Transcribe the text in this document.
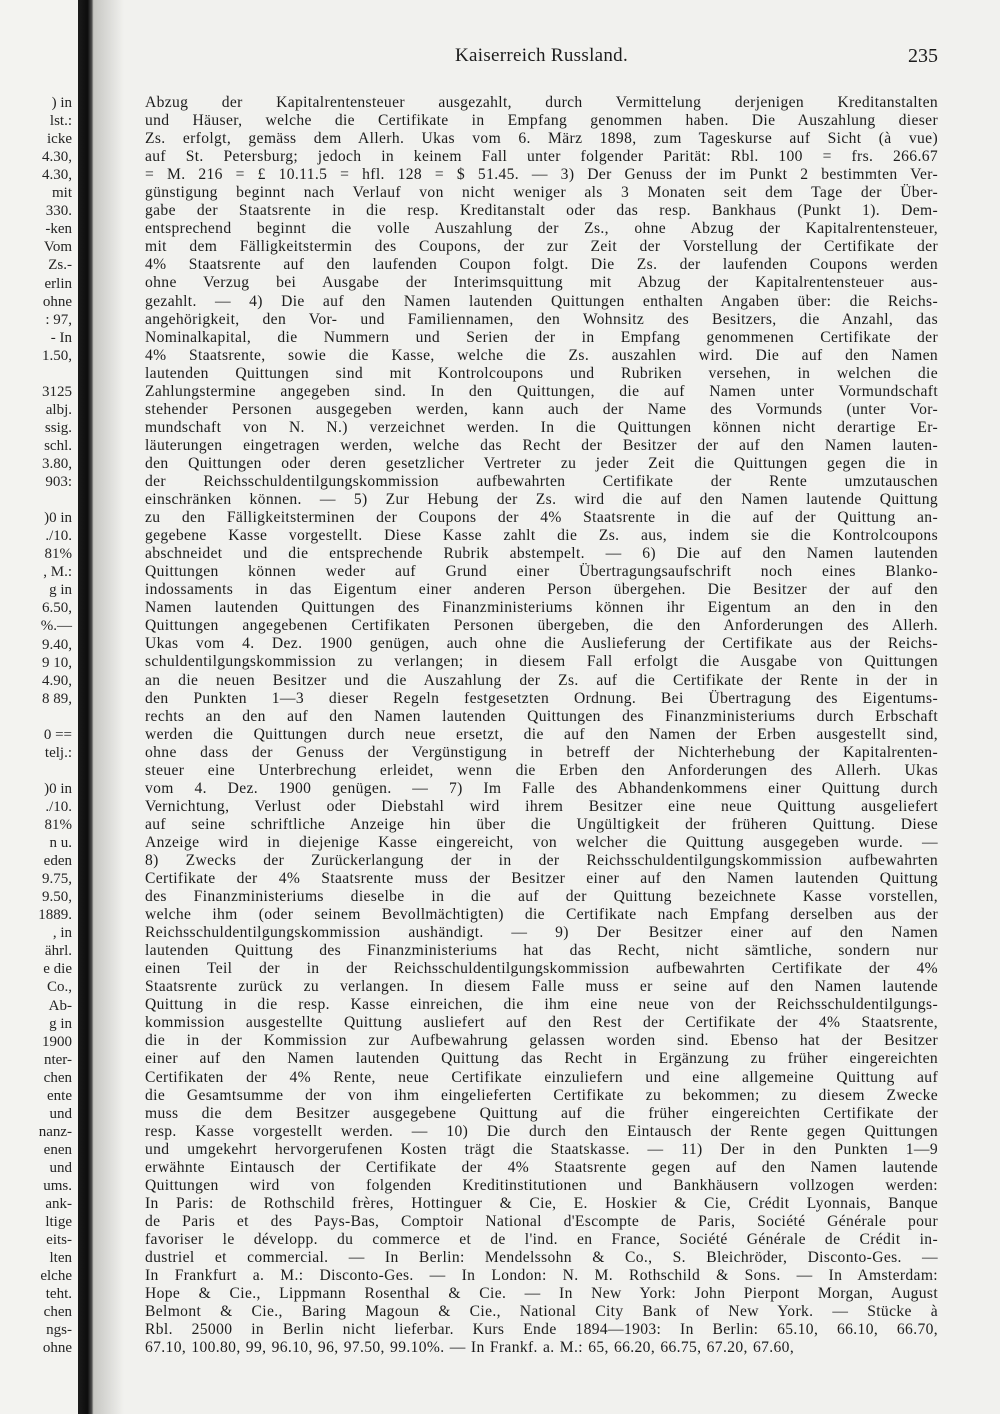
) in
lst.:
icke
4.30,
4.30,
mit
330.
-ken
Vom
Zs.-
erlin
ohne
: 97,
- In
1.50,
3125
albj.
ssig.
schl.
3.80,
903:
)0 in
./10.
81%
, M.:
g in
6.50,
%.—
9.40,
9 10,
4.90,
8 89,
0 ==
telj.:
)0 in
./10.
81%
n u.
eden
9.75,
9.50,
1889.
, in
ährl.
e die
Co.,
Ab-
g in
1900
nter-
chen
ente
und
nanz-
enen
und
ums.
ank-
ltige
eits-
lten
elche
teht.
chen
ngs-
ohne
Kaiserreich Russland.	235
Abzug der Kapitalrentensteuer ausgezahlt, durch Vermittelung derjenigen Kreditanstalten
und Häuser, welche die Certifikate in Empfang genommen haben. Die Auszahlung dieser
Zs. erfolgt, gemäss dem Allerh. Ukas vom 6. März 1898, zum Tageskurse auf Sicht (à vue)
auf St. Petersburg; jedoch in keinem Fall unter folgender Parität: Rbl. 100 = frs. 266.67
= M. 216 = £ 10.11.5 = hfl. 128 = $ 51.45. — 3) Der Genuss der im Punkt 2 bestimmten Ver-
günstigung beginnt nach Verlauf von nicht weniger als 3 Monaten seit dem Tage der Über-
gabe der Staatsrente in die resp. Kreditanstalt oder das resp. Bankhaus (Punkt 1). Dem-
entsprechend beginnt die volle Auszahlung der Zs., ohne Abzug der Kapitalrentensteuer,
mit dem Fälligkeitstermin des Coupons, der zur Zeit der Vorstellung der Certifikate der
4% Staatsrente auf den laufenden Coupon folgt. Die Zs. der laufenden Coupons werden
ohne Verzug bei Ausgabe der Interimsquittung mit Abzug der Kapitalrentensteuer aus-
gezahlt. — 4) Die auf den Namen lautenden Quittungen enthalten Angaben über: die Reichs-
angehörigkeit, den Vor- und Familiennamen, den Wohnsitz des Besitzers, die Anzahl, das
Nominalkapital, die Nummern und Serien der in Empfang genommenen Certifikate der
4% Staatsrente, sowie die Kasse, welche die Zs. auszahlen wird. Die auf den Namen
lautenden Quittungen sind mit Kontrolcoupons und Rubriken versehen, in welchen die
Zahlungstermine angegeben sind. In den Quittungen, die auf Namen unter Vormundschaft
stehender Personen ausgegeben werden, kann auch der Name des Vormunds (unter Vor-
mundschaft von N. N.) verzeichnet werden. In die Quittungen können nicht derartige Er-
läuterungen eingetragen werden, welche das Recht der Besitzer der auf den Namen lauten-
den Quittungen oder deren gesetzlicher Vertreter zu jeder Zeit die Quittungen gegen die in
der Reichsschuldentilgungskommission aufbewahrten Certifikate der Rente umzutauschen
einschränken können. — 5) Zur Hebung der Zs. wird die auf den Namen lautende Quittung
zu den Fälligkeitsterminen der Coupons der 4% Staatsrente in die auf der Quittung an-
gegebene Kasse vorgestellt. Diese Kasse zahlt die Zs. aus, indem sie die Kontrolcoupons
abschneidet und die entsprechende Rubrik abstempelt. — 6) Die auf den Namen lautenden
Quittungen können weder auf Grund einer Übertragungsaufschrift noch eines Blanko-
indossaments in das Eigentum einer anderen Person übergehen. Die Besitzer der auf den
Namen lautenden Quittungen des Finanzministeriums können ihr Eigentum an den in den
Quittungen angegebenen Certifikaten Personen übergeben, die den Anforderungen des Allerh.
Ukas vom 4. Dez. 1900 genügen, auch ohne die Auslieferung der Certifikate aus der Reichs-
schuldentilgungskommission zu verlangen; in diesem Fall erfolgt die Ausgabe von Quittungen
an die neuen Besitzer und die Auszahlung der Zs. auf die Certifikate der Rente in der in
den Punkten 1—3 dieser Regeln festgesetzten Ordnung. Bei Übertragung des Eigentums-
rechts an den auf den Namen lautenden Quittungen des Finanzministeriums durch Erbschaft
werden die Quittungen durch neue ersetzt, die auf den Namen der Erben ausgestellt sind,
ohne dass der Genuss der Vergünstigung in betreff der Nichterhebung der Kapitalrenten-
steuer eine Unterbrechung erleidet, wenn die Erben den Anforderungen des Allerh. Ukas
vom 4. Dez. 1900 genügen. — 7) Im Falle des Abhandenkommens einer Quittung durch
Vernichtung, Verlust oder Diebstahl wird ihrem Besitzer eine neue Quittung ausgeliefert
auf seine schriftliche Anzeige hin über die Ungültigkeit der früheren Quittung. Diese
Anzeige wird in diejenige Kasse eingereicht, von welcher die Quittung ausgegeben wurde. —
8) Zwecks der Zurückerlangung der in der Reichsschuldentilgungskommission aufbewahrten
Certifikate der 4% Staatsrente muss der Besitzer einer auf den Namen lautenden Quittung
des Finanzministeriums dieselbe in die auf der Quittung bezeichnete Kasse vorstellen,
welche ihm (oder seinem Bevollmächtigten) die Certifikate nach Empfang derselben aus der
Reichsschuldentilgungskommission aushändigt. — 9) Der Besitzer einer auf den Namen
lautenden Quittung des Finanzministeriums hat das Recht, nicht sämtliche, sondern nur
einen Teil der in der Reichsschuldentilgungskommission aufbewahrten Certifikate der 4%
Staatsrente zurück zu verlangen. In diesem Falle muss er seine auf den Namen lautende
Quittung in die resp. Kasse einreichen, die ihm eine neue von der Reichsschuldentilgungs-
kommission ausgestellte Quittung ausliefert auf den Rest der Certifikate der 4% Staatsrente,
die in der Kommission zur Aufbewahrung gelassen worden sind. Ebenso hat der Besitzer
einer auf den Namen lautenden Quittung das Recht in Ergänzung zu früher eingereichten
Certifikaten der 4% Rente, neue Certifikate einzuliefern und eine allgemeine Quittung auf
die Gesamtsumme der von ihm eingelieferten Certifikate zu bekommen; zu diesem Zwecke
muss die dem Besitzer ausgegebene Quittung auf die früher eingereichten Certifikate der
resp. Kasse vorgestellt werden. — 10) Die durch den Eintausch der Rente gegen Quittungen
und umgekehrt hervorgerufenen Kosten trägt die Staatskasse. — 11) Der in den Punkten 1—9
erwähnte Eintausch der Certifikate der 4% Staatsrente gegen auf den Namen lautende
Quittungen wird von folgenden Kreditinstitutionen und Bankhäusern vollzogen werden:
In Paris: de Rothschild frères, Hottinguer & Cie, E. Hoskier & Cie, Crédit Lyonnais, Banque
de Paris et des Pays-Bas, Comptoir National d'Escompte de Paris, Société Générale pour
favoriser le développ. du commerce et de l'ind. en France, Société Générale de Crédit in-
dustriel et commercial. — In Berlin: Mendelssohn & Co., S. Bleichröder, Disconto-Ges. —
In Frankfurt a. M.: Disconto-Ges. — In London: N. M. Rothschild & Sons. — In Amsterdam:
Hope & Cie., Lippmann Rosenthal & Cie. — In New York: John Pierpont Morgan, August
Belmont & Cie., Baring Magoun & Cie., National City Bank of New York. — Stücke à
Rbl. 25000 in Berlin nicht lieferbar. Kurs Ende 1894—1903: In Berlin: 65.10, 66.10, 66.70,
67.10, 100.80, 99, 96.10, 96, 97.50, 99.10%. — In Frankf. a. M.: 65, 66.20, 66.75, 67.20, 67.60,
